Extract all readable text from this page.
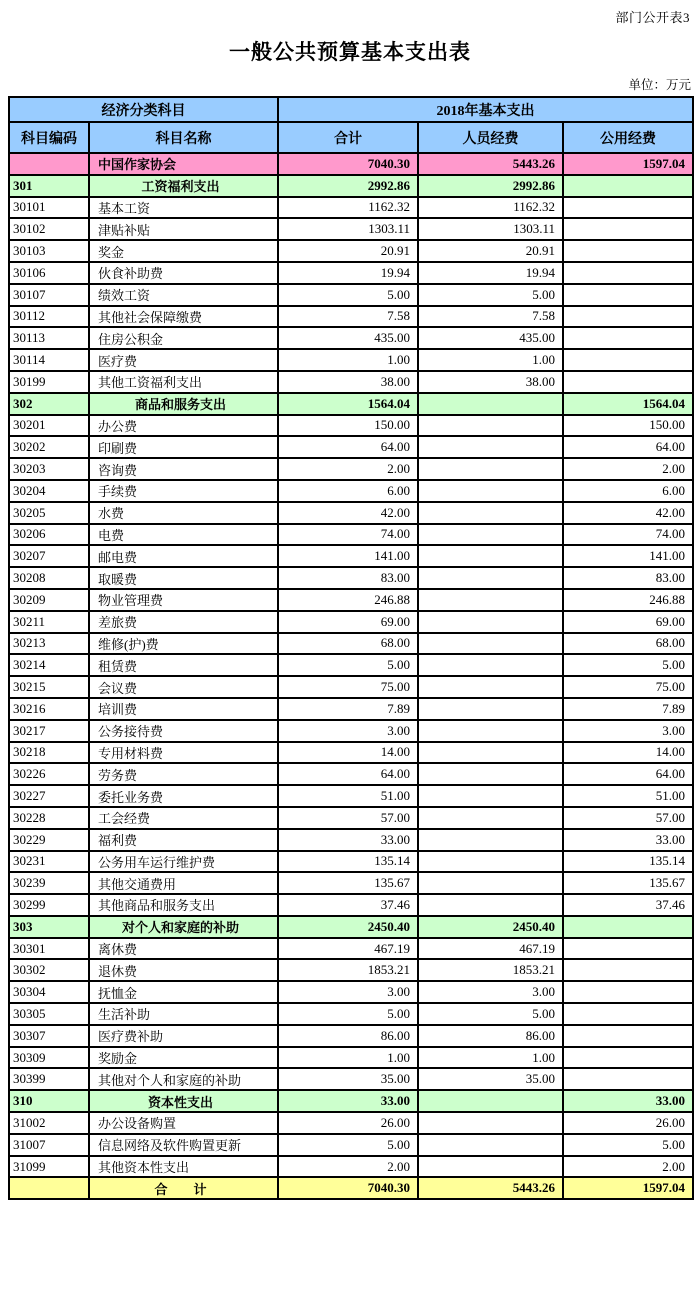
部门公开表3
一般公共预算基本支出表
单位：万元
经济分类科目		2018年基本支出		
科目编码	科目名称	合计	人员经费	公用经费
	中国作家协会	7040.30	5443.26	1597.04
301	工资福利支出	2992.86	2992.86	
30101	基本工资	1162.32	1162.32	
30102	津贴补贴	1303.11	1303.11	
30103	奖金	20.91	20.91	
30106	伙食补助费	19.94	19.94	
30107	绩效工资	5.00	5.00	
30112	其他社会保障缴费	7.58	7.58	
30113	住房公积金	435.00	435.00	
30114	医疗费	1.00	1.00	
30199	其他工资福利支出	38.00	38.00	
302	商品和服务支出	1564.04		1564.04
30201	办公费	150.00		150.00
30202	印刷费	64.00		64.00
30203	咨询费	2.00		2.00
30204	手续费	6.00		6.00
30205	水费	42.00		42.00
30206	电费	74.00		74.00
30207	邮电费	141.00		141.00
30208	取暖费	83.00		83.00
30209	物业管理费	246.88		246.88
30211	差旅费	69.00		69.00
30213	维修(护)费	68.00		68.00
30214	租赁费	5.00		5.00
30215	会议费	75.00		75.00
30216	培训费	7.89		7.89
30217	公务接待费	3.00		3.00
30218	专用材料费	14.00		14.00
30226	劳务费	64.00		64.00
30227	委托业务费	51.00		51.00
30228	工会经费	57.00		57.00
30229	福利费	33.00		33.00
30231	公务用车运行维护费	135.14		135.14
30239	其他交通费用	135.67		135.67
30299	其他商品和服务支出	37.46		37.46
303	对个人和家庭的补助	2450.40	2450.40	
30301	离休费	467.19	467.19	
30302	退休费	1853.21	1853.21	
30304	抚恤金	3.00	3.00	
30305	生活补助	5.00	5.00	
30307	医疗费补助	86.00	86.00	
30309	奖励金	1.00	1.00	
30399	其他对个人和家庭的补助	35.00	35.00	
310	资本性支出	33.00		33.00
31002	办公设备购置	26.00		26.00
31007	信息网络及软件购置更新	5.00		5.00
31099	其他资本性支出	2.00		2.00
	合　　计	7040.30	5443.26	1597.04
